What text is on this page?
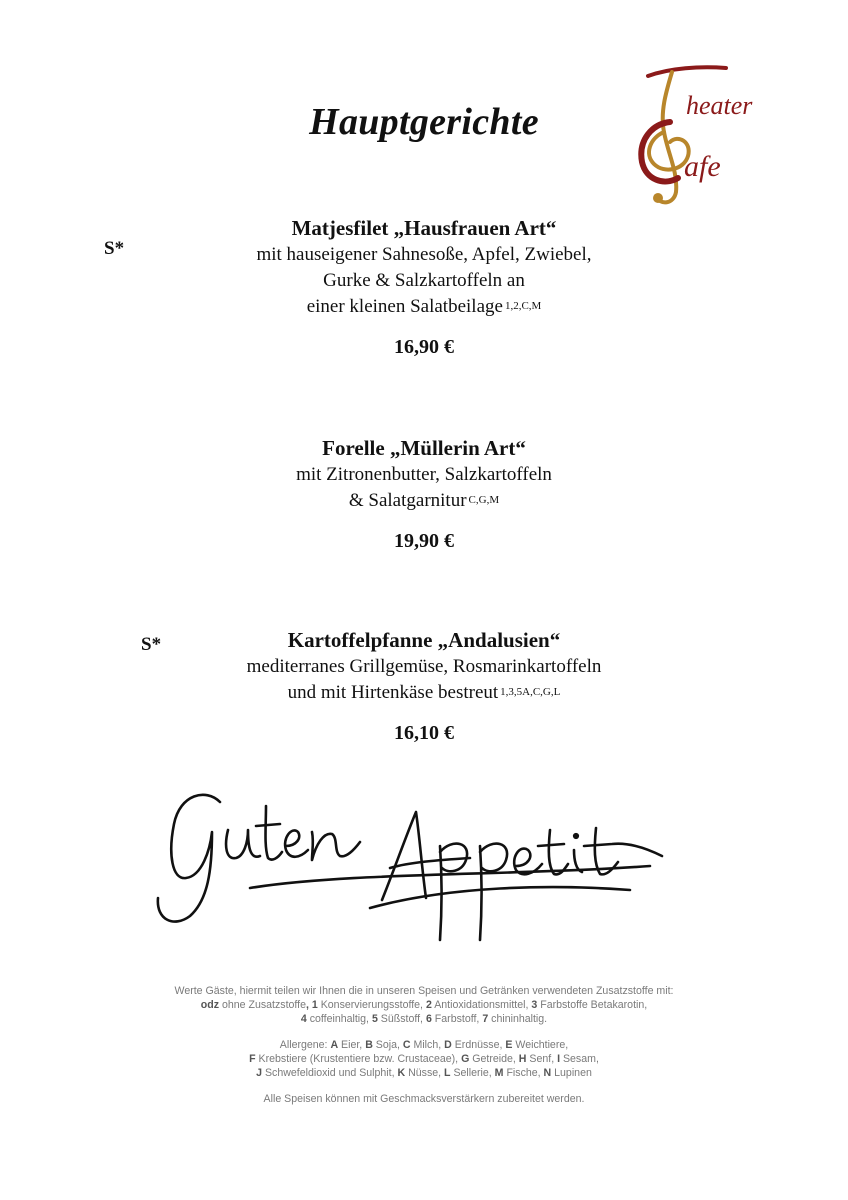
Hauptgerichte	heater
afe
S*
Matjesfilet „Hausfrauen Art“
mit hauseigener Sahnesoße, Apfel, Zwiebel,
Gurke & Salzkartoffeln an
einer kleinen Salatbeilage $^{1,2,C,M}$
16,90 €
Forelle „Müllerin Art“
mit Zitronenbutter, Salzkartoffeln
& Salatgarnitur $^{C,G,M}$
19,90 €
S*	Kartoffelpfanne „Andalusien“
mediterranes Grillgemüse, Rosmarinkartoffeln
und mit Hirtenkäse bestreut $^{1,3,5A,C,G,L}$
16,10 €

Werte Gäste, hiermit teilen wir Ihnen die in unseren Speisen und Getränken verwendeten Zusatzstoffe mit:

odz ohne Zusatzstoffe, 1 Konservierungsstoffe, 2 Antioxidationsmittel, 3 Farbstoffe Betakarotin,

4 coffeinhaltig, 5 Süßstoff, 6 Farbstoff, 7 chininhaltig.

Allergene: A Eier, B Soja, C Milch, D Erdnüsse, E Weichtiere,

F Krebstiere (Krustentiere bzw. Crustaceae), G Getreide, H Senf, I Sesam,

J Schwefeldioxid und Sulphit, K Nüsse, L Sellerie, M Fische, N Lupinen

Alle Speisen können mit Geschmacksverstärkern zubereitet werden.
